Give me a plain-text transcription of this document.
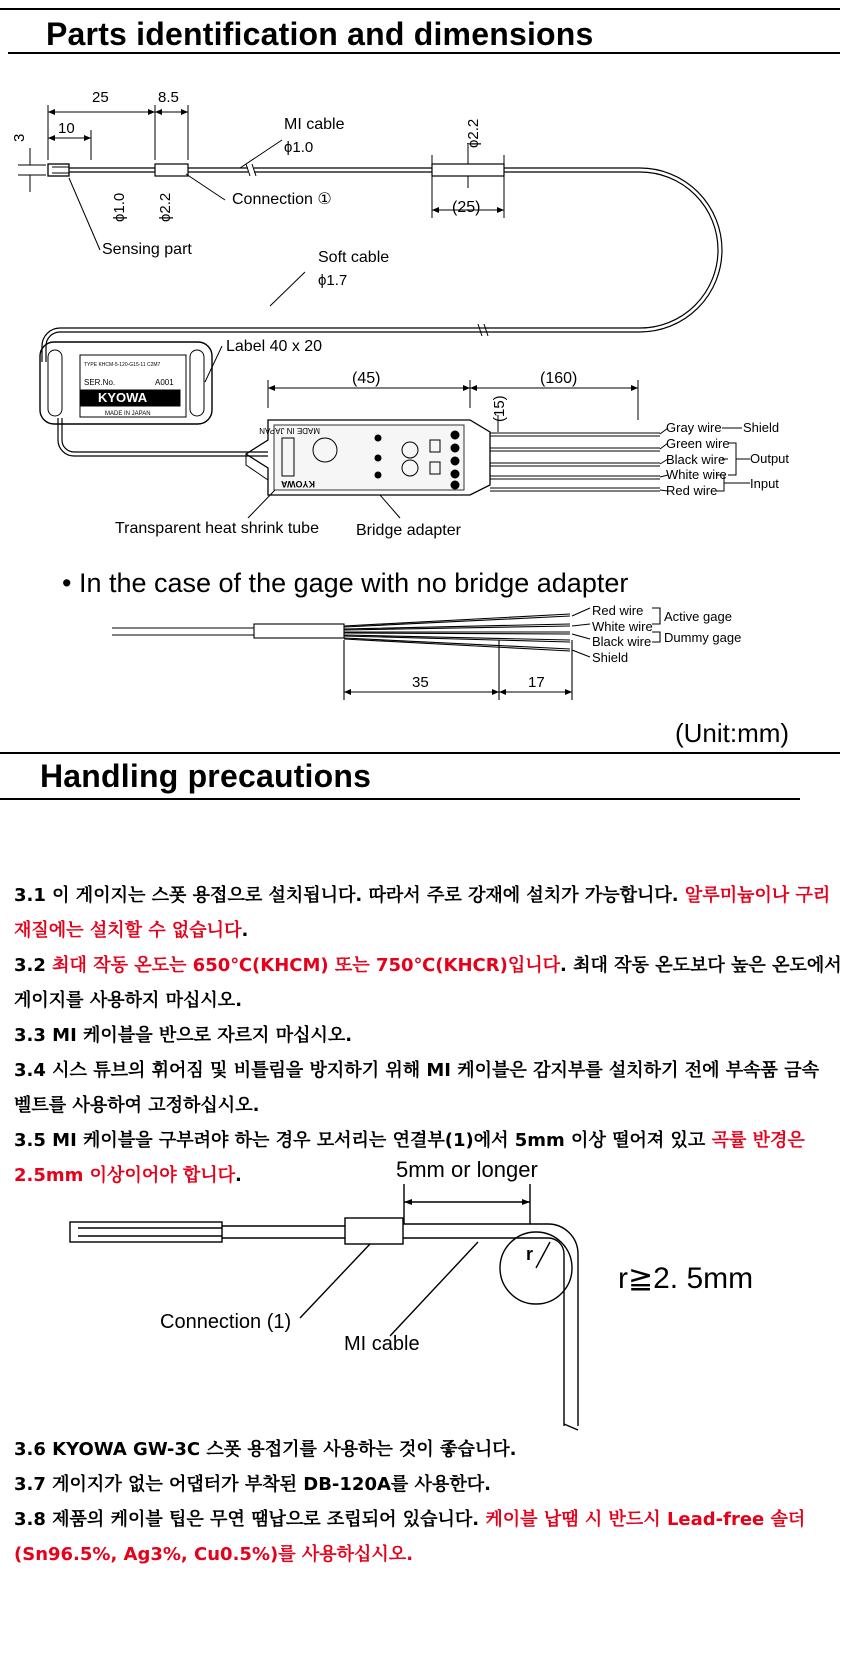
Parts identification and dimensions
25	8.5
10
3
ϕ1.0 ϕ2.2
ϕ2.2
(25)
MI cable
ϕ1.0
Connection ①
Sensing part	Soft cable
ϕ1.7
Label 40 x 20
TYPE KHCM-5-120-G15-11 C2M7
SER.No.	A001
KYOWA
MADE IN JAPAN
(45)	(160)
(15)
MADE IN JAPAN
KYOWA
Gray wire Shield
Green wire
Black wire Output
White wire
Input
Red wire
Transparent heat shrink tube Bridge adapter
• In the case of the gage with no bridge adapter
Red wire
White wire
Black wire
Shield
Active gage
Dummy gage
35	17
(Unit:mm)
Handling precautions

3.1 이 게이지는 스폿 용접으로 설치됩니다. 따라서 주로 강재에 설치가 가능합니다. 알루미늄이나 구리 재질에는 설치할 수 없습니다.

3.2 최대 작동 온도는 650℃(KHCM) 또는 750℃(KHCR)입니다. 최대 작동 온도보다 높은 온도에서 게이지를 사용하지 마십시오.

3.3 MI 케이블을 반으로 자르지 마십시오.

3.4 시스 튜브의 휘어짐 및 비틀림을 방지하기 위해 MI 케이블은 감지부를 설치하기 전에 부속품 금속 벨트를 사용하여 고정하십시오.

3.5 MI 케이블을 구부려야 하는 경우 모서리는 연결부(1)에서 5mm 이상 떨어져 있고 곡률 반경은 2.5mm 이상이어야 합니다.	5mm or longer
r
r≧2. 5mm
Connection (1)
MI cable

3.6 KYOWA GW-3C 스폿 용접기를 사용하는 것이 좋습니다.

3.7 게이지가 없는 어댑터가 부착된 DB-120A를 사용한다.

3.8 제품의 케이블 팁은 무연 땜납으로 조립되어 있습니다. 케이블 납땜 시 반드시 Lead-free 솔더(Sn96.5%, Ag3%, Cu0.5%)를 사용하십시오.
